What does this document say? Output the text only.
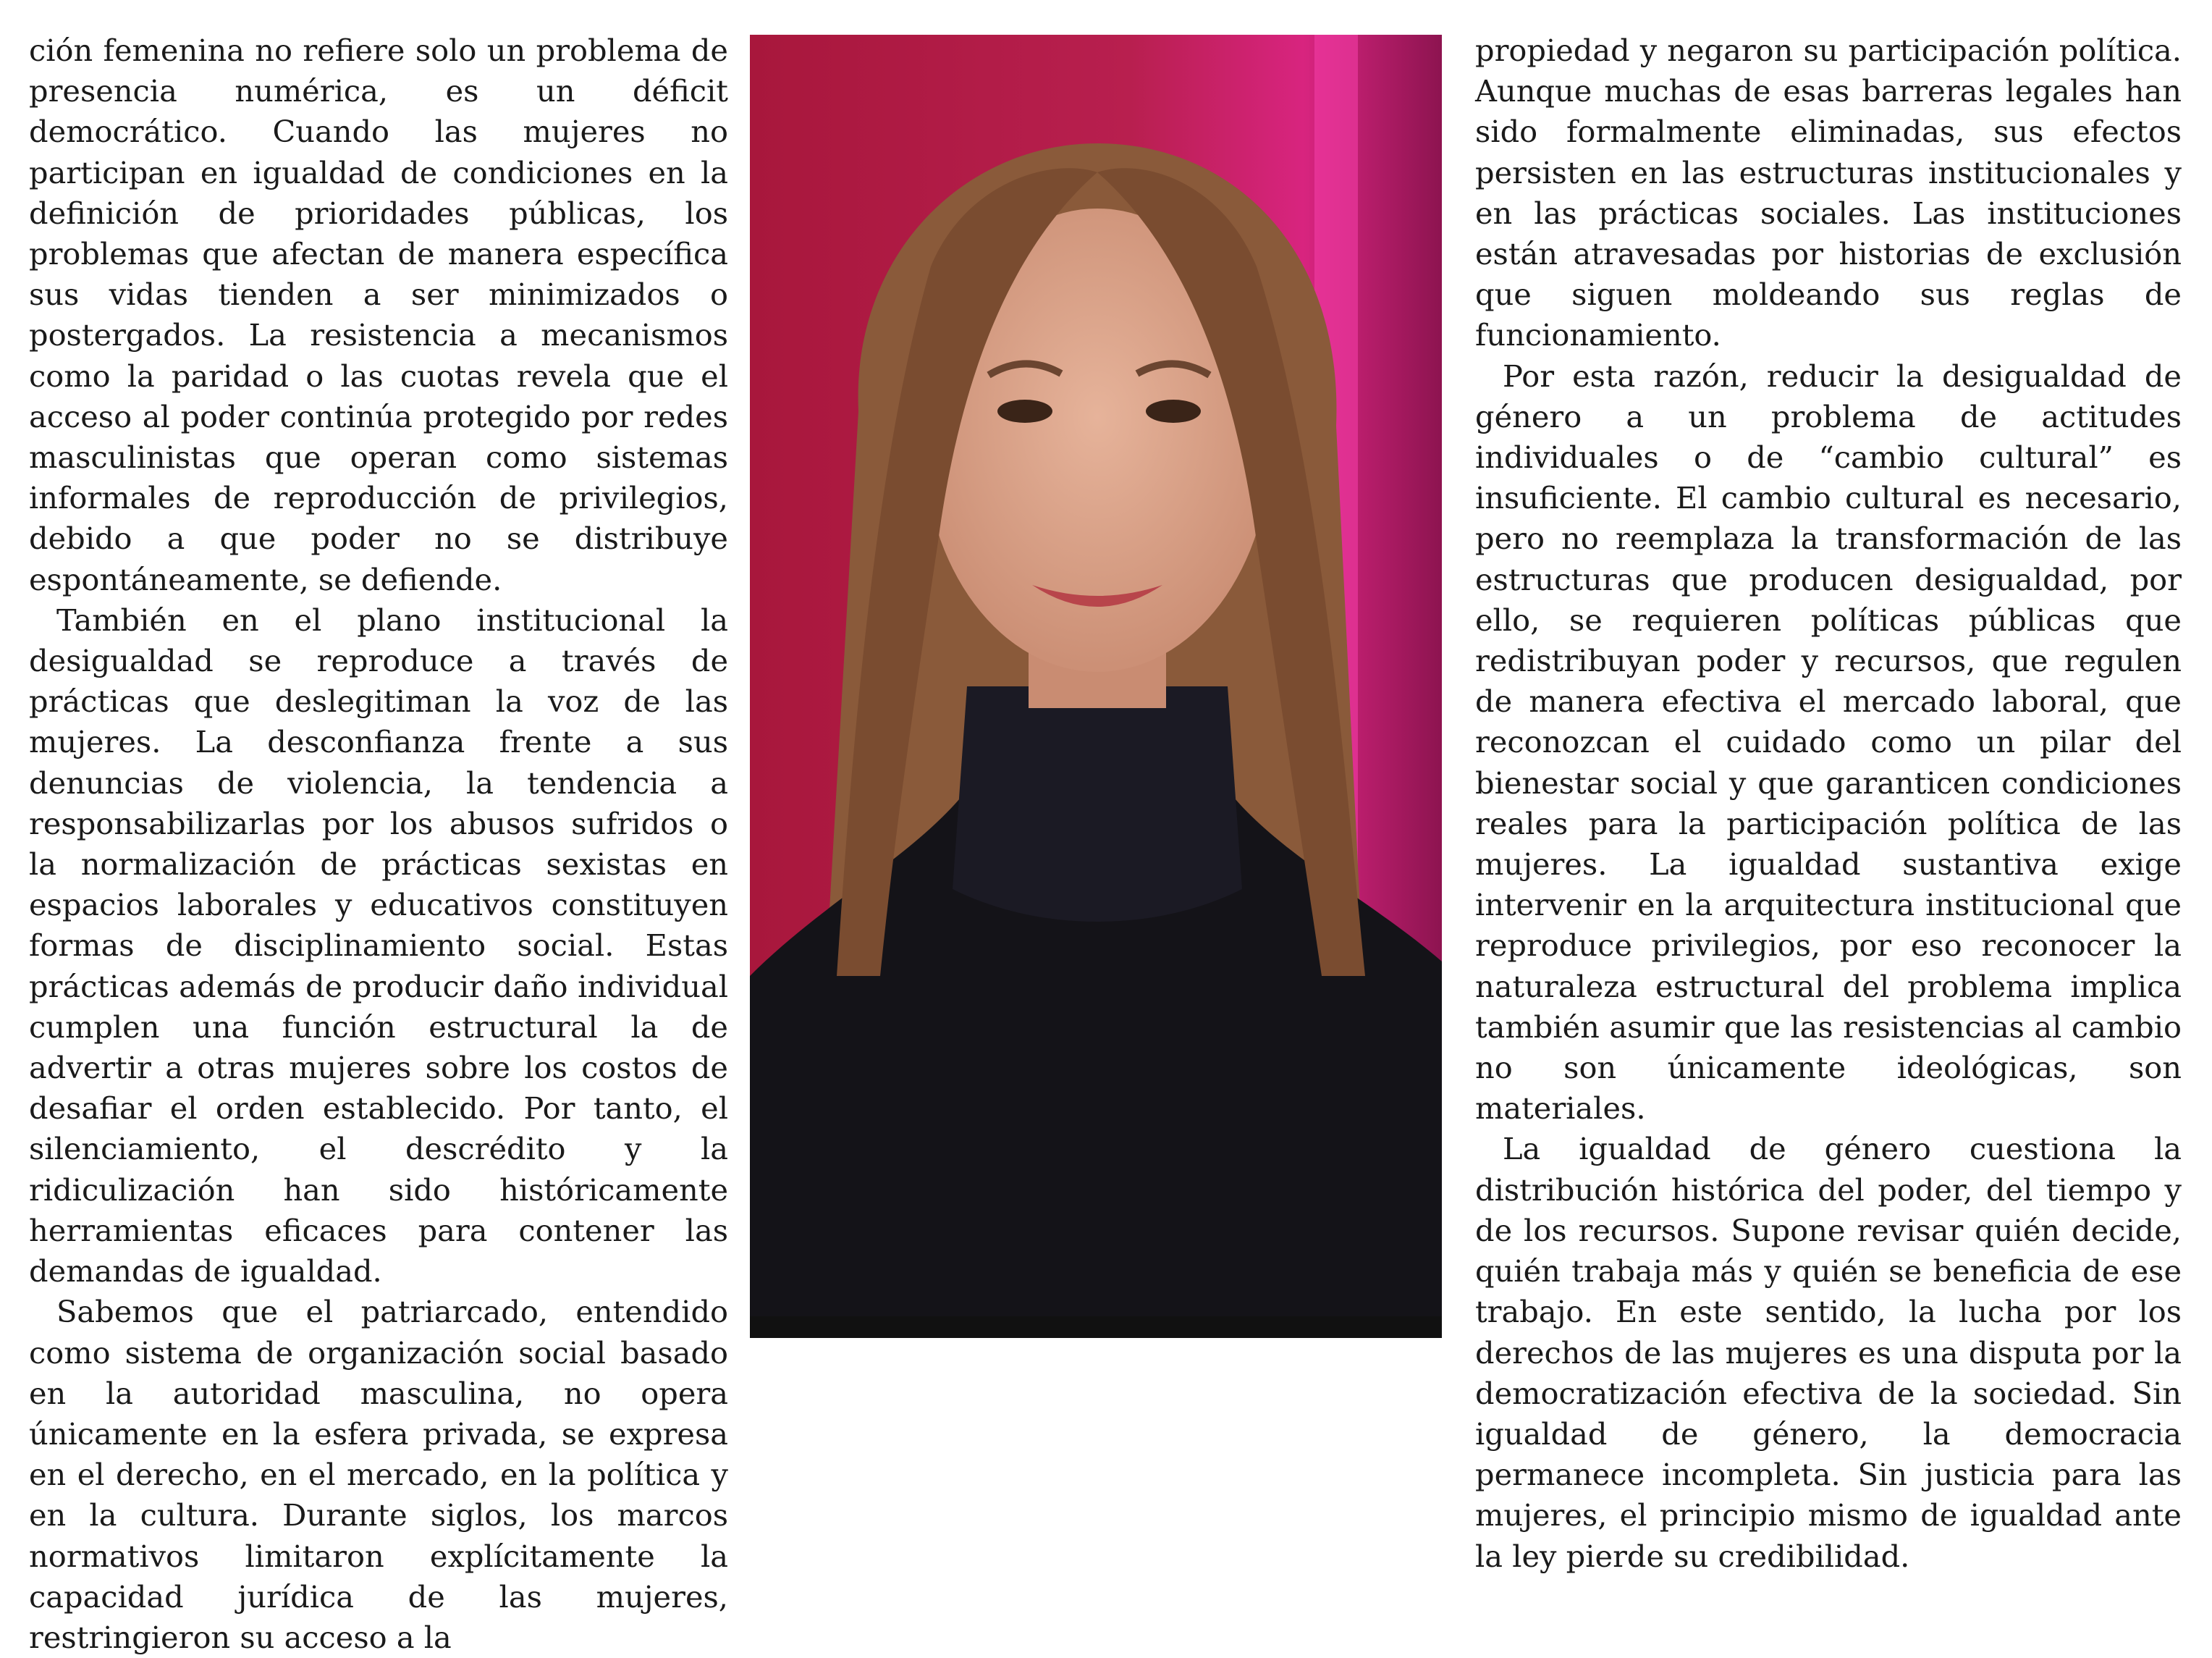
ción femenina no refiere solo un problema de presencia numérica, es un déficit democrático. Cuando las mujeres no participan en igualdad de condiciones en la definición de prioridades públicas, los problemas que afectan de manera específica sus vidas tienden a ser minimizados o postergados. La resistencia a mecanismos como la paridad o las cuotas revela que el acceso al poder continúa protegido por redes masculinistas que operan como sistemas informales de reproducción de privilegios, debido a que poder no se distribuye espontáneamente, se defiende.

También en el plano institucional la desigualdad se reproduce a través de prácticas que deslegitiman la voz de las mujeres. La desconfianza frente a sus denuncias de violencia, la tendencia a responsabilizarlas por los abusos sufridos o la normalización de prácticas sexistas en espacios laborales y educativos constituyen formas de disciplinamiento social. Estas prácticas además de producir daño individual cumplen una función estructural la de advertir a otras mujeres sobre los costos de desafiar el orden establecido. Por tanto, el silenciamiento, el descrédito y la ridiculización han sido históricamente herramientas eficaces para contener las demandas de igualdad.

Sabemos que el patriarcado, entendido como sistema de organización social basado en la autoridad masculina, no opera únicamente en la esfera privada, se expresa en el derecho, en el mercado, en la política y en la cultura. Durante siglos, los marcos normativos limitaron explícitamente la capacidad jurídica de las mujeres, restringieron su acceso a la

propiedad y negaron su participación política. Aunque muchas de esas barreras legales han sido formalmente eliminadas, sus efectos persisten en las estructuras institucionales y en las prácticas sociales. Las instituciones están atravesadas por historias de exclusión que siguen moldeando sus reglas de funcionamiento.

Por esta razón, reducir la desigualdad de género a un problema de actitudes individuales o de “cambio cultural” es insuficiente. El cambio cultural es necesario, pero no reemplaza la transformación de las estructuras que producen desigualdad, por ello, se requieren políticas públicas que redistribuyan poder y recursos, que regulen de manera efectiva el mercado laboral, que reconozcan el cuidado como un pilar del bienestar social y que garanticen condiciones reales para la participación política de las mujeres. La igualdad sustantiva exige intervenir en la arquitectura institucional que reproduce privilegios, por eso reconocer la naturaleza estructural del problema implica también asumir que las resistencias al cambio no son únicamente ideológicas, son materiales.

La igualdad de género cuestiona la distribución histórica del poder, del tiempo y de los recursos. Supone revisar quién decide, quién trabaja más y quién se beneficia de ese trabajo. En este sentido, la lucha por los derechos de las mujeres es una disputa por la democratización efectiva de la sociedad. Sin igualdad de género, la democracia permanece incompleta. Sin justicia para las mujeres, el principio mismo de igualdad ante la ley pierde su credibilidad.
